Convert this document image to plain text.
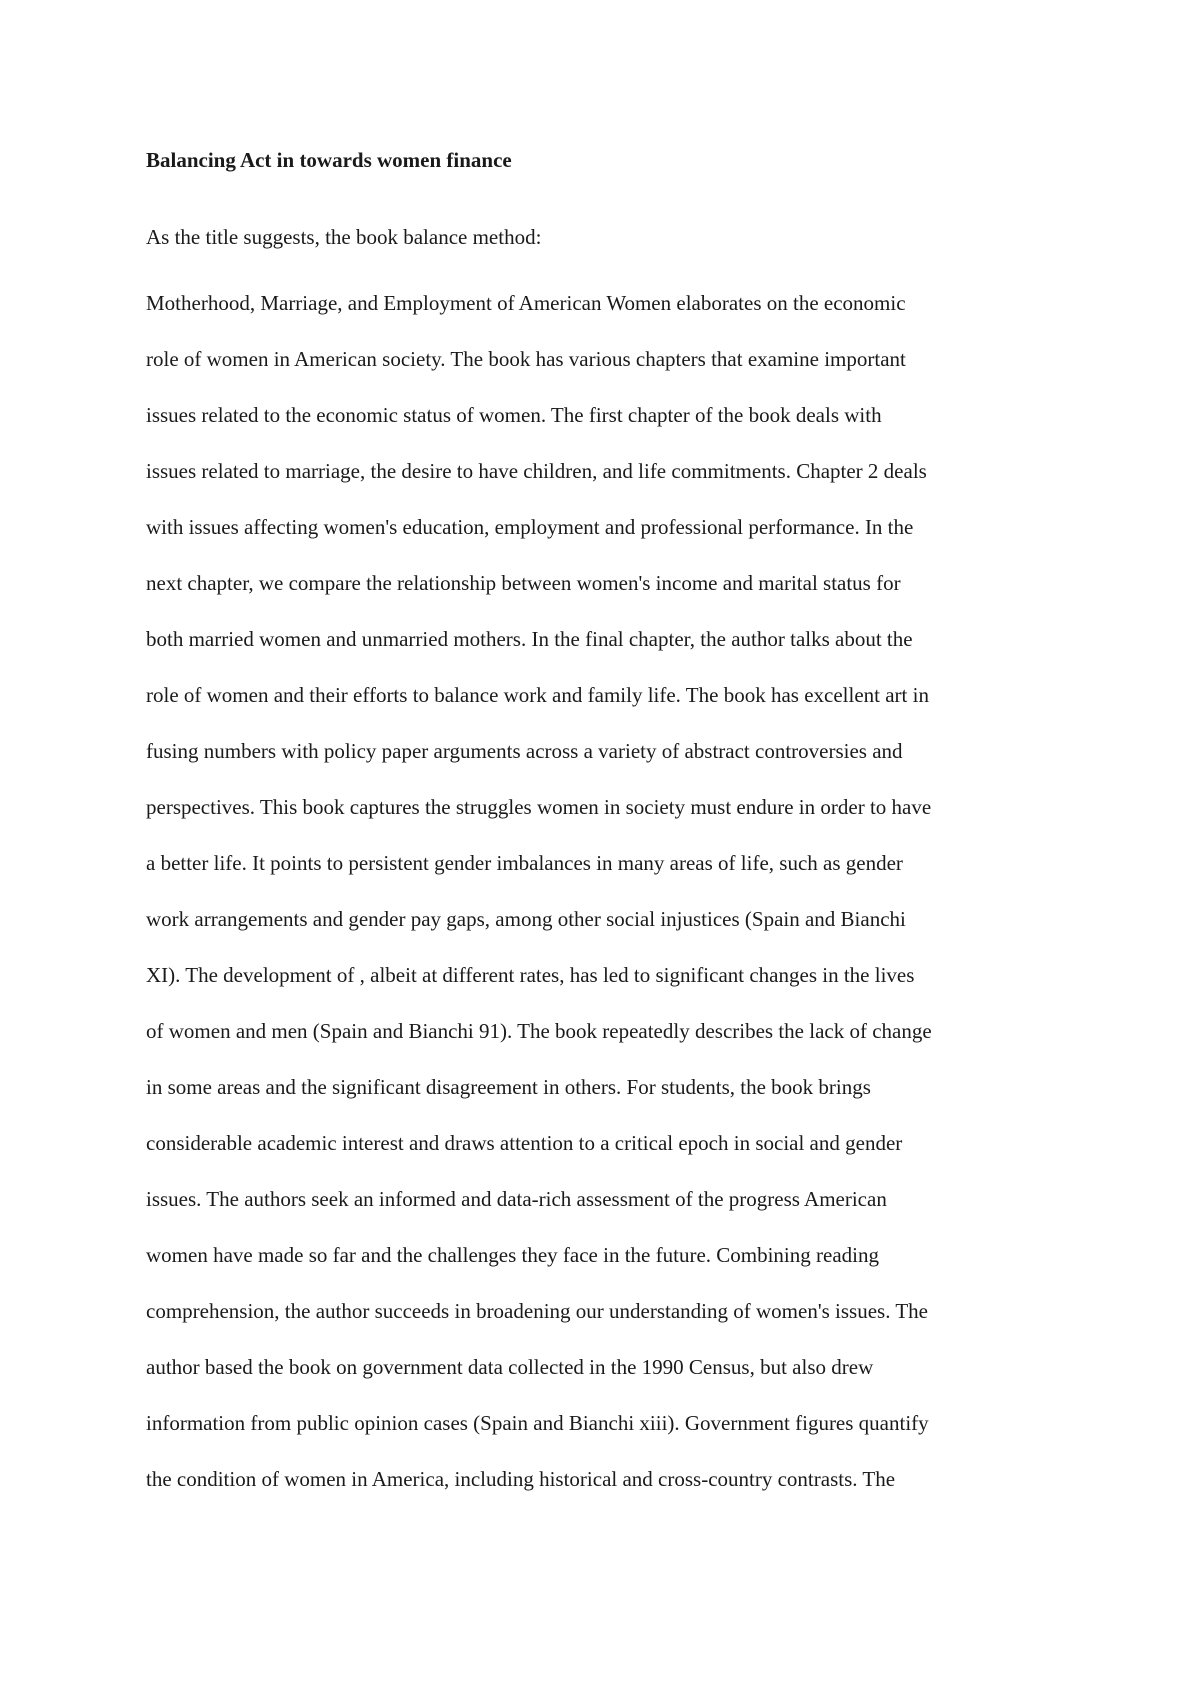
Balancing Act in towards women finance
As the title suggests, the book balance method:
Motherhood, Marriage, and Employment of American Women elaborates on the economic
role of women in American society. The book has various chapters that examine important
issues related to the economic status of women. The first chapter of the book deals with
issues related to marriage, the desire to have children, and life commitments. Chapter 2 deals
with issues affecting women's education, employment and professional performance. In the
next chapter, we compare the relationship between women's income and marital status for
both married women and unmarried mothers. In the final chapter, the author talks about the
role of women and their efforts to balance work and family life. The book has excellent art in
fusing numbers with policy paper arguments across a variety of abstract controversies and
perspectives. This book captures the struggles women in society must endure in order to have
a better life. It points to persistent gender imbalances in many areas of life, such as gender
work arrangements and gender pay gaps, among other social injustices (Spain and Bianchi
XI). The development of , albeit at different rates, has led to significant changes in the lives
of women and men (Spain and Bianchi 91). The book repeatedly describes the lack of change
in some areas and the significant disagreement in others. For students, the book brings
considerable academic interest and draws attention to a critical epoch in social and gender
issues. The authors seek an informed and data-rich assessment of the progress American
women have made so far and the challenges they face in the future. Combining reading
comprehension, the author succeeds in broadening our understanding of women's issues. The
author based the book on government data collected in the 1990 Census, but also drew
information from public opinion cases (Spain and Bianchi xiii). Government figures quantify
the condition of women in America, including historical and cross-country contrasts. The
